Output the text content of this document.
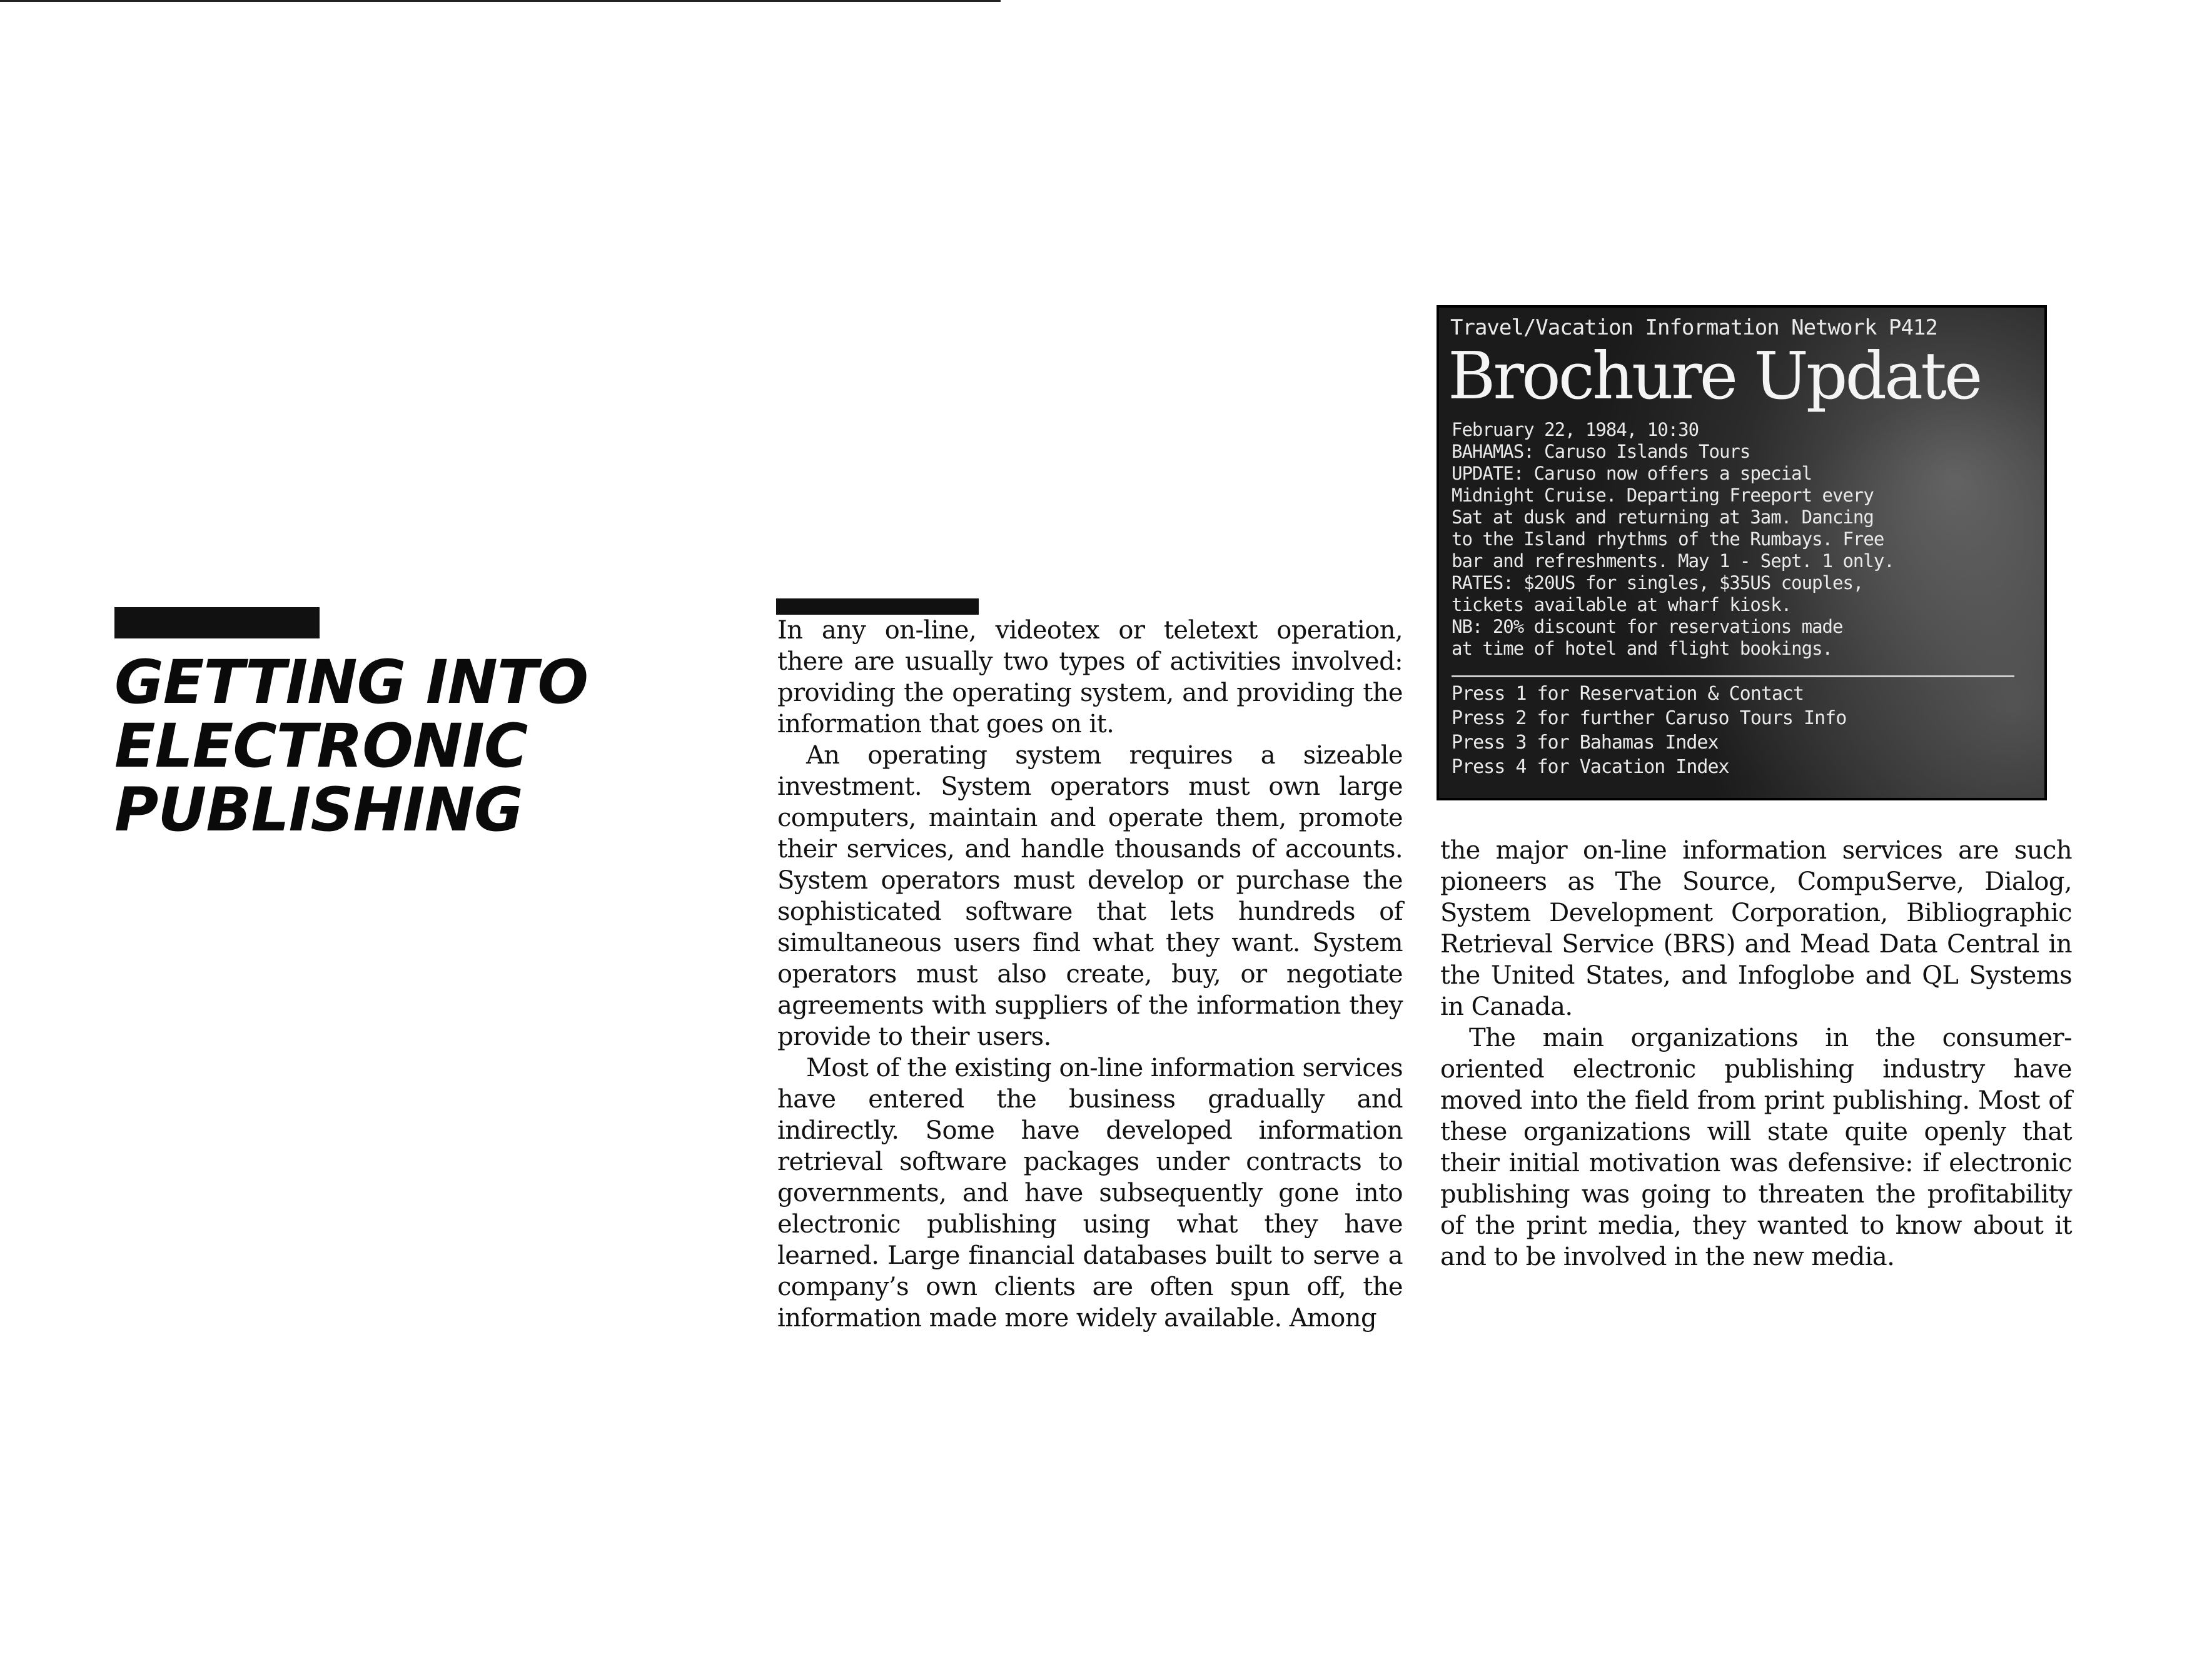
GETTING INTO
ELECTRONIC
PUBLISHING

In any on-line, videotex or teletext operation, there are usually two types of activities involved: providing the operating system, and providing the information that goes on it.

An operating system requires a sizeable investment. System operators must own large computers, maintain and operate them, promote their services, and handle thousands of accounts. System operators must develop or purchase the sophisticated software that lets hundreds of simultaneous users find what they want. System operators must also create, buy, or negotiate agreements with suppliers of the information they provide to their users.

Most of the existing on-line information services have entered the business gradually and indirectly. Some have developed information retrieval software packages under contracts to governments, and have subsequently gone into electronic publishing using what they have learned. Large financial databases built to serve a company’s own clients are often spun off, the information made more widely available. Among

Travel/Vacation Information Network P412
Brochure Update
February 22, 1984, 10:30
BAHAMAS: Caruso Islands Tours
UPDATE: Caruso now offers a special
Midnight Cruise. Departing Freeport every
Sat at dusk and returning at 3am. Dancing
to the Island rhythms of the Rumbays. Free
bar and refreshments. May 1 - Sept. 1 only.
RATES: $20US for singles, $35US couples,
tickets available at wharf kiosk.
NB: 20% discount for reservations made
at time of hotel and flight bookings.
Press 1 for Reservation & Contact
Press 2 for further Caruso Tours Info
Press 3 for Bahamas Index
Press 4 for Vacation Index

the major on-line information services are such pioneers as The Source, CompuServe, Dialog, System Development Corporation, Bibliographic Retrieval Service (BRS) and Mead Data Central in the United States, and Infoglobe and QL Systems in Canada.

The main organizations in the consumer-oriented electronic publishing industry have moved into the field from print publishing. Most of these organizations will state quite openly that their initial motivation was defensive: if electronic publishing was going to threaten the profitability of the print media, they wanted to know about it and to be involved in the new media.
